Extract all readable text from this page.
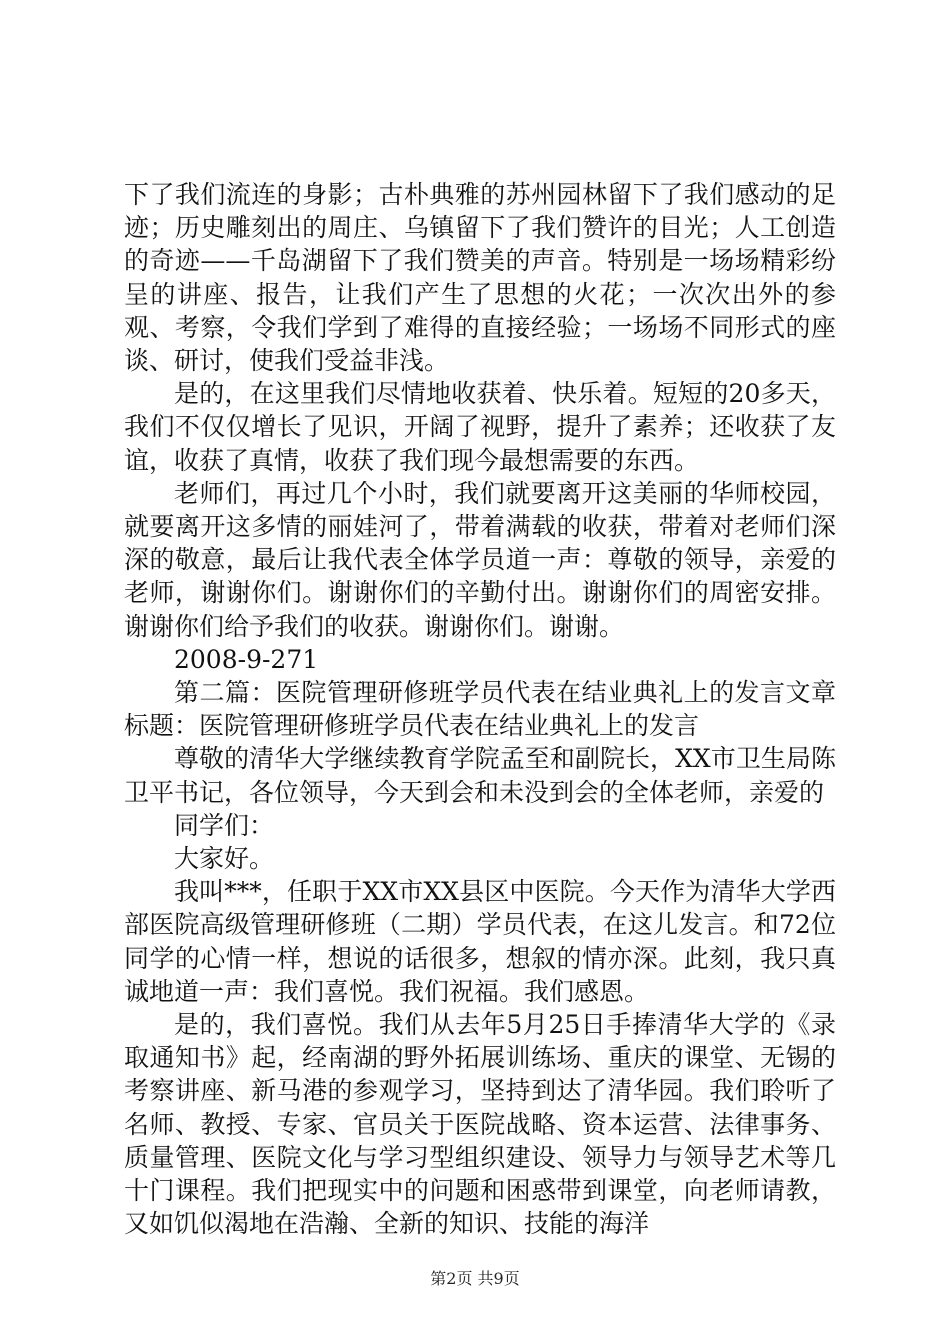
下了我们流连的身影；古朴典雅的苏州园林留下了我们感动的足迹；历史雕刻出的周庄、乌镇留下了我们赞许的目光；人工创造的奇迹——千岛湖留下了我们赞美的声音。特别是一场场精彩纷呈的讲座、报告，让我们产生了思想的火花；一次次出外的参观、考察，令我们学到了难得的直接经验；一场场不同形式的座谈、研讨，使我们受益非浅。

是的，在这里我们尽情地收获着、快乐着。短短的20多天，我们不仅仅增长了见识，开阔了视野，提升了素养；还收获了友谊，收获了真情，收获了我们现今最想需要的东西。

老师们，再过几个小时，我们就要离开这美丽的华师校园，就要离开这多情的丽娃河了，带着满载的收获，带着对老师们深深的敬意，最后让我代表全体学员道一声：尊敬的领导，亲爱的老师，谢谢你们。谢谢你们的辛勤付出。谢谢你们的周密安排。谢谢你们给予我们的收获。谢谢你们。谢谢。

2008-9-271

第二篇：医院管理研修班学员代表在结业典礼上的发言文章标题：医院管理研修班学员代表在结业典礼上的发言

尊敬的清华大学继续教育学院孟至和副院长，XX市卫生局陈卫平书记，各位领导，今天到会和未没到会的全体老师，亲爱的

同学们：

大家好。

我叫***，任职于XX市XX县区中医院。今天作为清华大学西部医院高级管理研修班（二期）学员代表，在这儿发言。和72位同学的心情一样，想说的话很多，想叙的情亦深。此刻，我只真诚地道一声：我们喜悦。我们祝福。我们感恩。

是的，我们喜悦。我们从去年5月25日手捧清华大学的《录取通知书》起，经南湖的野外拓展训练场、重庆的课堂、无锡的考察讲座、新马港的参观学习，坚持到达了清华园。我们聆听了名师、教授、专家、官员关于医院战略、资本运营、法律事务、质量管理、医院文化与学习型组织建设、领导力与领导艺术等几十门课程。我们把现实中的问题和困惑带到课堂，向老师请教，又如饥似渴地在浩瀚、全新的知识、技能的海洋

第2页 共9页
